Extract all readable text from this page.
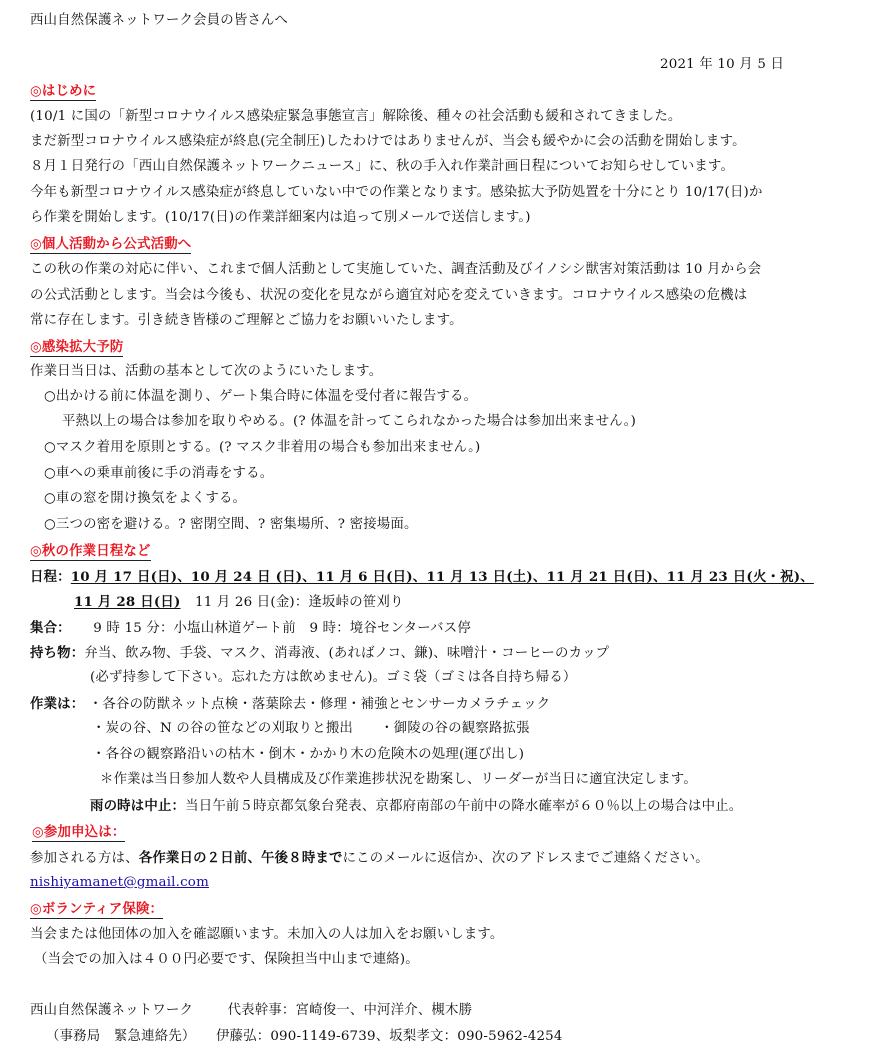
西山自然保護ネットワーク会員の皆さんへ
2021 年 10 月 5 日
◎はじめに
(10/1 に国の「新型コロナウイルス感染症緊急事態宣言」解除後、種々の社会活動も緩和されてきました。
まだ新型コロナウイルス感染症が終息(完全制圧)したわけではありませんが、当会も緩やかに会の活動を開始します。
８月１日発行の「西山自然保護ネットワークニュース」に、秋の手入れ作業計画日程についてお知らせしています。
今年も新型コロナウイルス感染症が終息していない中での作業となります。感染拡大予防処置を十分にとり 10/17(日)か
ら作業を開始します。(10/17(日)の作業詳細案内は追って別メールで送信します。)
◎個人活動から公式活動へ
この秋の作業の対応に伴い、これまで個人活動として実施していた、調査活動及びイノシシ獣害対策活動は 10 月から会
の公式活動とします。当会は今後も、状況の変化を見ながら適宜対応を変えていきます。コロナウイルス感染の危機は
常に存在します。引き続き皆様のご理解とご協力をお願いいたします。
◎感染拡大予防
作業日当日は、活動の基本として次のようにいたします。
○出かける前に体温を測り、ゲート集合時に体温を受付者に報告する。
平熱以上の場合は参加を取りやめる。(? 体温を計ってこられなかった場合は参加出来ません。)
○マスク着用を原則とする。(? マスク非着用の場合も参加出来ません。)
○車への乗車前後に手の消毒をする。
○車の窓を開け換気をよくする。
○三つの密を避ける。? 密閉空間、? 密集場所、? 密接場面。
◎秋の作業日程など
日程：10 月 17 日(日)、10 月 24 日 (日)、11 月 6 日(日)、11 月 13 日(土)、11 月 21 日(日)、11 月 23 日(火・祝)、
11 月 28 日(日) 11 月 26 日(金)：逢坂峠の笹刈り
集合： 9 時 15 分：小塩山林道ゲート前　9 時：境谷センターバス停
持ち物：弁当、飲み物、手袋、マスク、消毒液、(あればノコ、鎌)、味噌汁・コーヒーのカップ
(必ず持参して下さい。忘れた方は飲めません)。ゴミ袋（ゴミは各自持ち帰る）
作業は： ・各谷の防獣ネット点検・落葉除去・修理・補強とセンサーカメラチェック
・炭の谷、N の谷の笹などの刈取りと搬出　　・御陵の谷の観察路拡張
・各谷の観察路沿いの枯木・倒木・かかり木の危険木の処理(運び出し)
＊作業は当日参加人数や人員構成及び作業進捗状況を勘案し、リーダーが当日に適宜決定します。
雨の時は中止：当日午前５時京都気象台発表、京都府南部の午前中の降水確率が６０％以上の場合は中止。
◎参加申込は：
参加される方は、各作業日の２日前、午後８時までにこのメールに返信か、次のアドレスまでご連絡ください。
nishiyamanet@gmail.com
◎ボランティア保険：
当会または他団体の加入を確認願います。未加入の人は加入をお願いします。
（当会での加入は４００円必要です、保険担当中山まで連絡)。
西山自然保護ネットワーク	代表幹事：宮崎俊一、中河洋介、槻木勝
（事務局　緊急連絡先） 伊藤弘：090-1149-6739、坂梨孝文：090-5962-4254
